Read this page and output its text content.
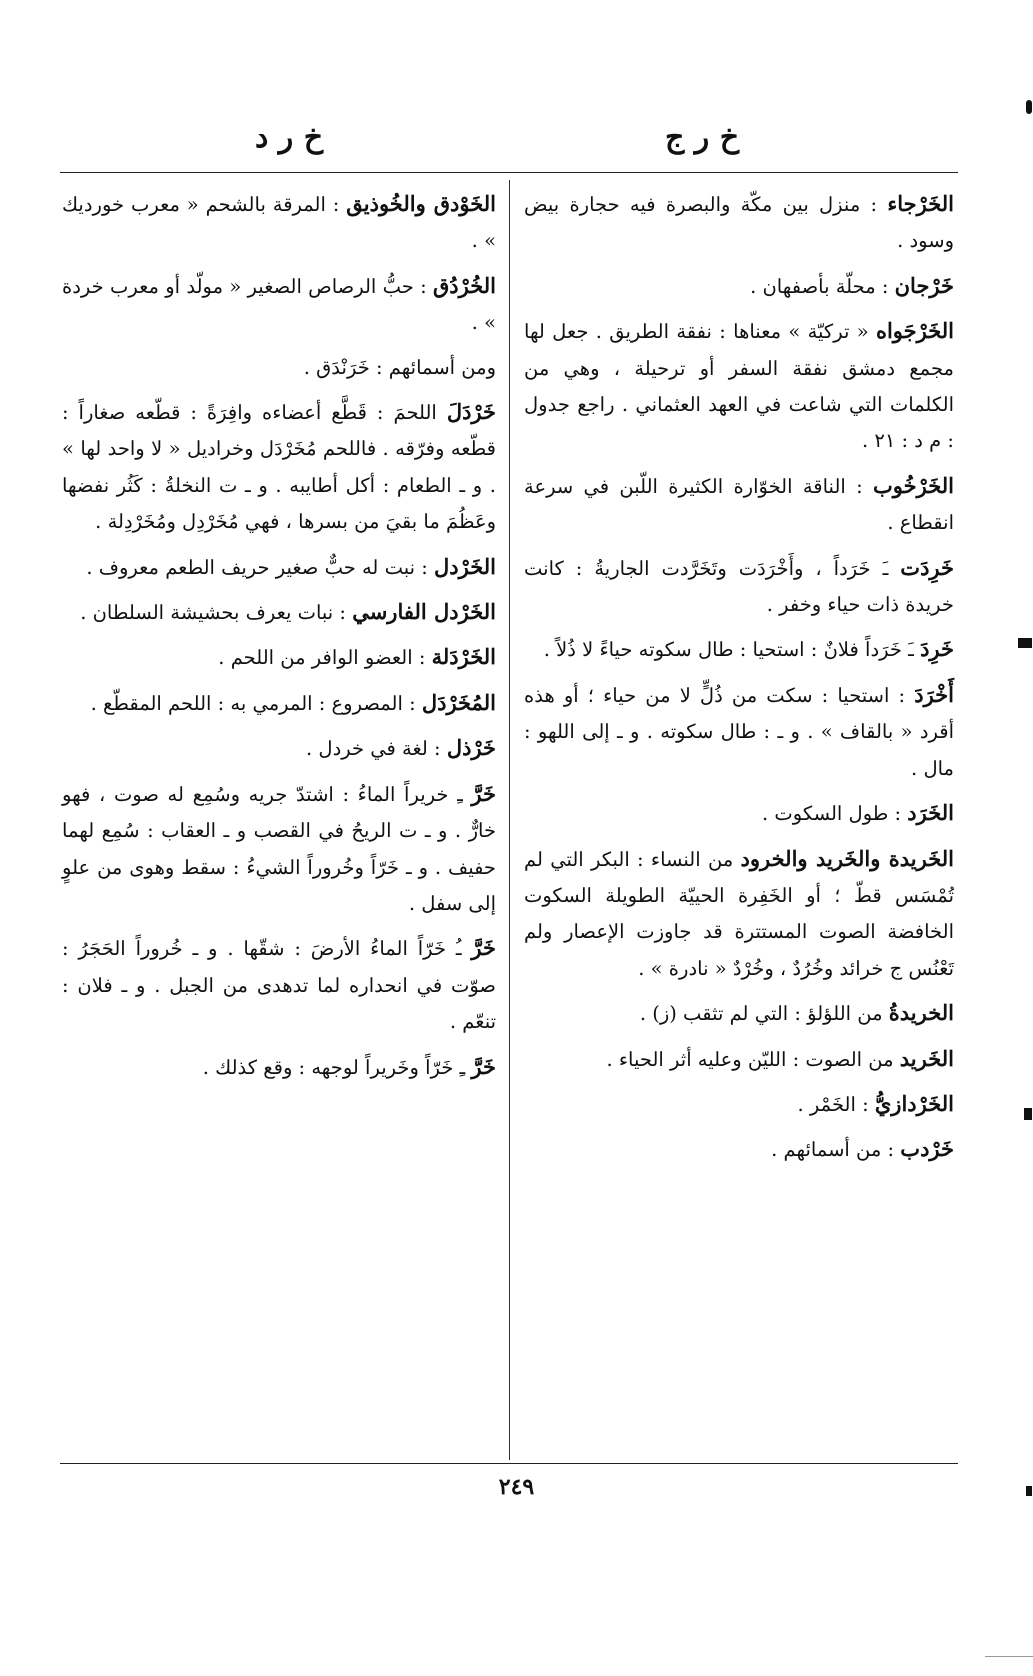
خ ر ج
خ ر د
الخَرْجاء : منزل بين مكّة والبصرة فيه حجارة بيض وسود .
خَرْجان : محلّة بأصفهان .
الخَرْجَواه « تركيّة » معناها : نفقة الطريق . جعل لها مجمع دمشق نفقة السفر أو ترحيلة ، وهي من الكلمات التي شاعت في العهد العثماني . راجع جدول : م د : ٢١ .
الخَرْخُوب : الناقة الخوّارة الكثيرة اللّبن في سرعة انقطاع .
خَرِدَت ـَ خَرَداً ، وأَخْرَدَت وتَخَرَّدت الجاريةُ : كانت خريدة ذات حياء وخفر .
خَرِدَ ـَ خَرَداً فلانٌ : استحيا : طال سكوته حياءً لا ذُلاً .
أَخْرَدَ : استحيا : سكت من ذُلٍّ لا من حياء ؛ أو هذه أقرد « بالقاف » . و ـ : طال سكوته . و ـ إلى اللهو : مال .
الخَرَد : طول السكوت .
الخَريدة والخَريد والخرود من النساء : البكر التي لم تُمْسَس قطّ ؛ أو الخَفِرة الحييّة الطويلة السكوت الخافضة الصوت المستترة قد جاوزت الإعصار ولم تَعْنُس ج خرائد وخُرُدٌ ، وخُرْدٌ « نادرة » .
الخريدةُ من اللؤلؤ : التي لم تثقب (ز) .
الخَريد من الصوت : الليّن وعليه أثر الحياء .
الخَرْدازيُّ : الخَمْر .
خَرْدب : من أسمائهم .
الخَوْدق والخُوذيق : المرقة بالشحم « معرب خورديك » .
الخُرْدُق : حبُّ الرصاص الصغير « مولّد أو معرب خردة » .
ومن أسمائهم : خَرَنْدَق .
خَرْدَلَ اللحمَ : قَطَّع أعضاءه وافِرَةً : قطّعه صغاراً : قطّعه وفرّقه . فاللحم مُخَرْدَل وخراديل « لا واحد لها » . و ـ الطعام : أكل أطايبه . و ـ ت النخلةُ : كَثُر نفضها وعَظُمَ ما بقيَ من بسرها ، فهي مُخَرْدِل ومُخَرْدِلة .
الخَرْدل : نبت له حبٌّ صغير حريف الطعم معروف .
الخَرْدل الفارسي : نبات يعرف بحشيشة السلطان .
الخَرْدَلة : العضو الوافر من اللحم .
المُخَرْدَل : المصروع : المرمي به : اللحم المقطّع .
خَرْذل : لغة في خردل .
خَرَّ ـِ خريراً الماءُ : اشتدّ جريه وسُمِع له صوت ، فهو خارٌّ . و ـ ت الريحُ في القصب و ـ العقاب : سُمِع لهما حفيف . و ـ خَرّاً وخُروراً الشيءُ : سقط وهوى من علوٍ إلى سفل .
خَرَّ ـُ خَرّاً الماءُ الأرضَ : شقّها . و ـ خُروراً الحَجَرُ : صوّت في انحداره لما تدهدى من الجبل . و ـ فلان : تنعّم .
خَرَّ ـِ خَرّاً وخَريراً لوجهه : وقع كذلك .
٢٤٩
